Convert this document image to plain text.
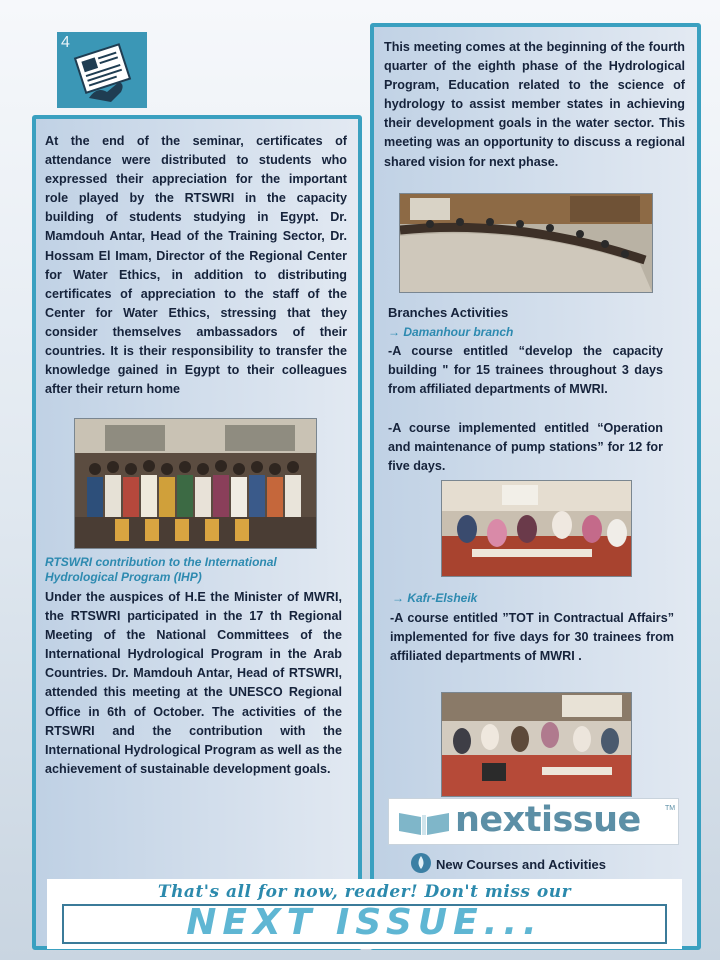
4

At the end of the seminar, certificates of attendance were distributed to students who expressed their appreciation for the important role played by the RTSWRI in the capacity building of students studying in Egypt. Dr. Mamdouh Antar, Head of the Training Sector, Dr. Hossam El Imam, Director of the Regional Center for Water Ethics, in addition to distributing certificates of appreciation to the staff of the Center for Water Ethics, stressing that they consider themselves ambassadors of their countries. It is their responsibility to transfer the knowledge gained in Egypt to their colleagues after their return home

RTSWRI contribution to the International Hydrological Program (IHP)

Under the auspices of H.E the Minister of MWRI, the RTSWRI participated in the 17 th Regional Meeting of the National Committees of the International Hydrological Program in the Arab Countries. Dr. Mamdouh Antar, Head of RTSWRI, attended this meeting at the UNESCO Regional Office in 6th of October. The activities of the RTSWRI and the contribution with the International Hydrological Program as well as the achievement of sustainable development goals.

This meeting comes at the beginning of the fourth quarter of the eighth phase of the Hydrological Program, Education related to the science of hydrology to assist member states in achieving their development goals in the water sector. This meeting was an opportunity to discuss a regional shared vision for next phase.

Branches Activities

→ Damanhour branch

-A course entitled “develop the capacity building " for 15 trainees throughout 3 days from affiliated departments of MWRI.

-A course implemented entitled “Operation and maintenance of pump stations” for 12 for five days.

→ Kafr-Elsheik

-A course entitled ”TOT in Contractual Affairs” implemented for five days for 30 trainees from affiliated departments of MWRI .

nextissue	TM
New Courses and Activities
That's all for now, reader! Don't miss our
NEXT ISSUE...
